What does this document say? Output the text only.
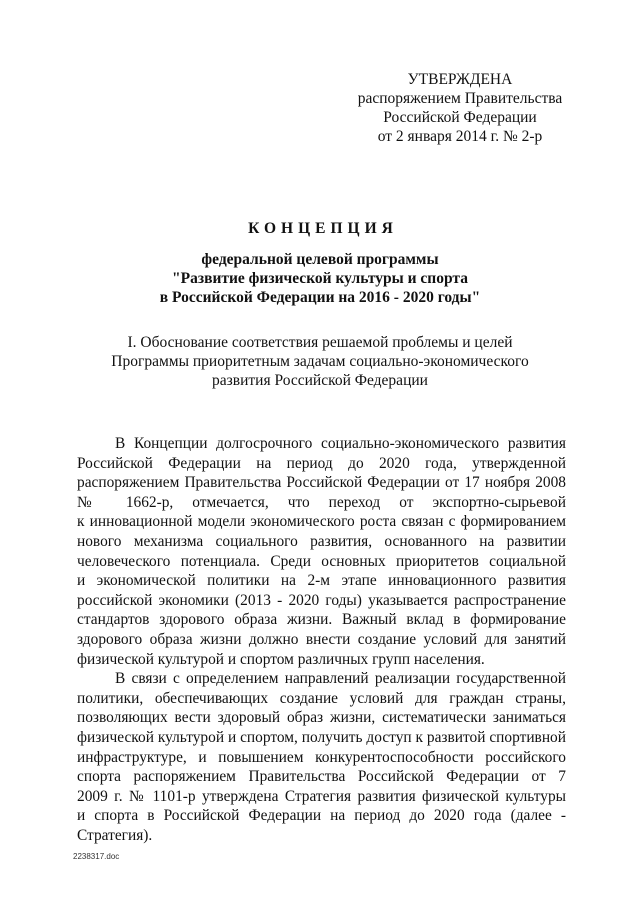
УТВЕРЖДЕНА
распоряжением Правительства
Российской Федерации
от 2 января 2014 г. № 2-р
КОНЦЕПЦИЯ
федеральной целевой программы
"Развитие физической культуры и спорта
в Российской Федерации на 2016 - 2020 годы"
I. Обоснование соответствия решаемой проблемы и целей
Программы приоритетным задачам социально-экономического
развития Российской Федерации
В Концепции долгосрочного социально-экономического развития
Российской Федерации на период до 2020 года, утвержденной
распоряжением Правительства Российской Федерации от 17 ноября 2008
№ 1662-р, отмечается, что переход от экспортно-сырьевой
к инновационной модели экономического роста связан с формированием
нового механизма социального развития, основанного на развитии
человеческого потенциала. Среди основных приоритетов социальной
и экономической политики на 2-м этапе инновационного развития
российской экономики (2013 - 2020 годы) указывается распространение
стандартов здорового образа жизни. Важный вклад в формирование
здорового образа жизни должно внести создание условий для занятий
физической культурой и спортом различных групп населения.
В связи с определением направлений реализации государственной
политики, обеспечивающих создание условий для граждан страны,
позволяющих вести здоровый образ жизни, систематически заниматься
физической культурой и спортом, получить доступ к развитой спортивной
инфраструктуре, и повышением конкурентоспособности российского
спорта распоряжением Правительства Российской Федерации от 7
2009 г. № 1101-р утверждена Стратегия развития физической культуры
и спорта в Российской Федерации на период до 2020 года (далее -
Стратегия).
2238317.doc
